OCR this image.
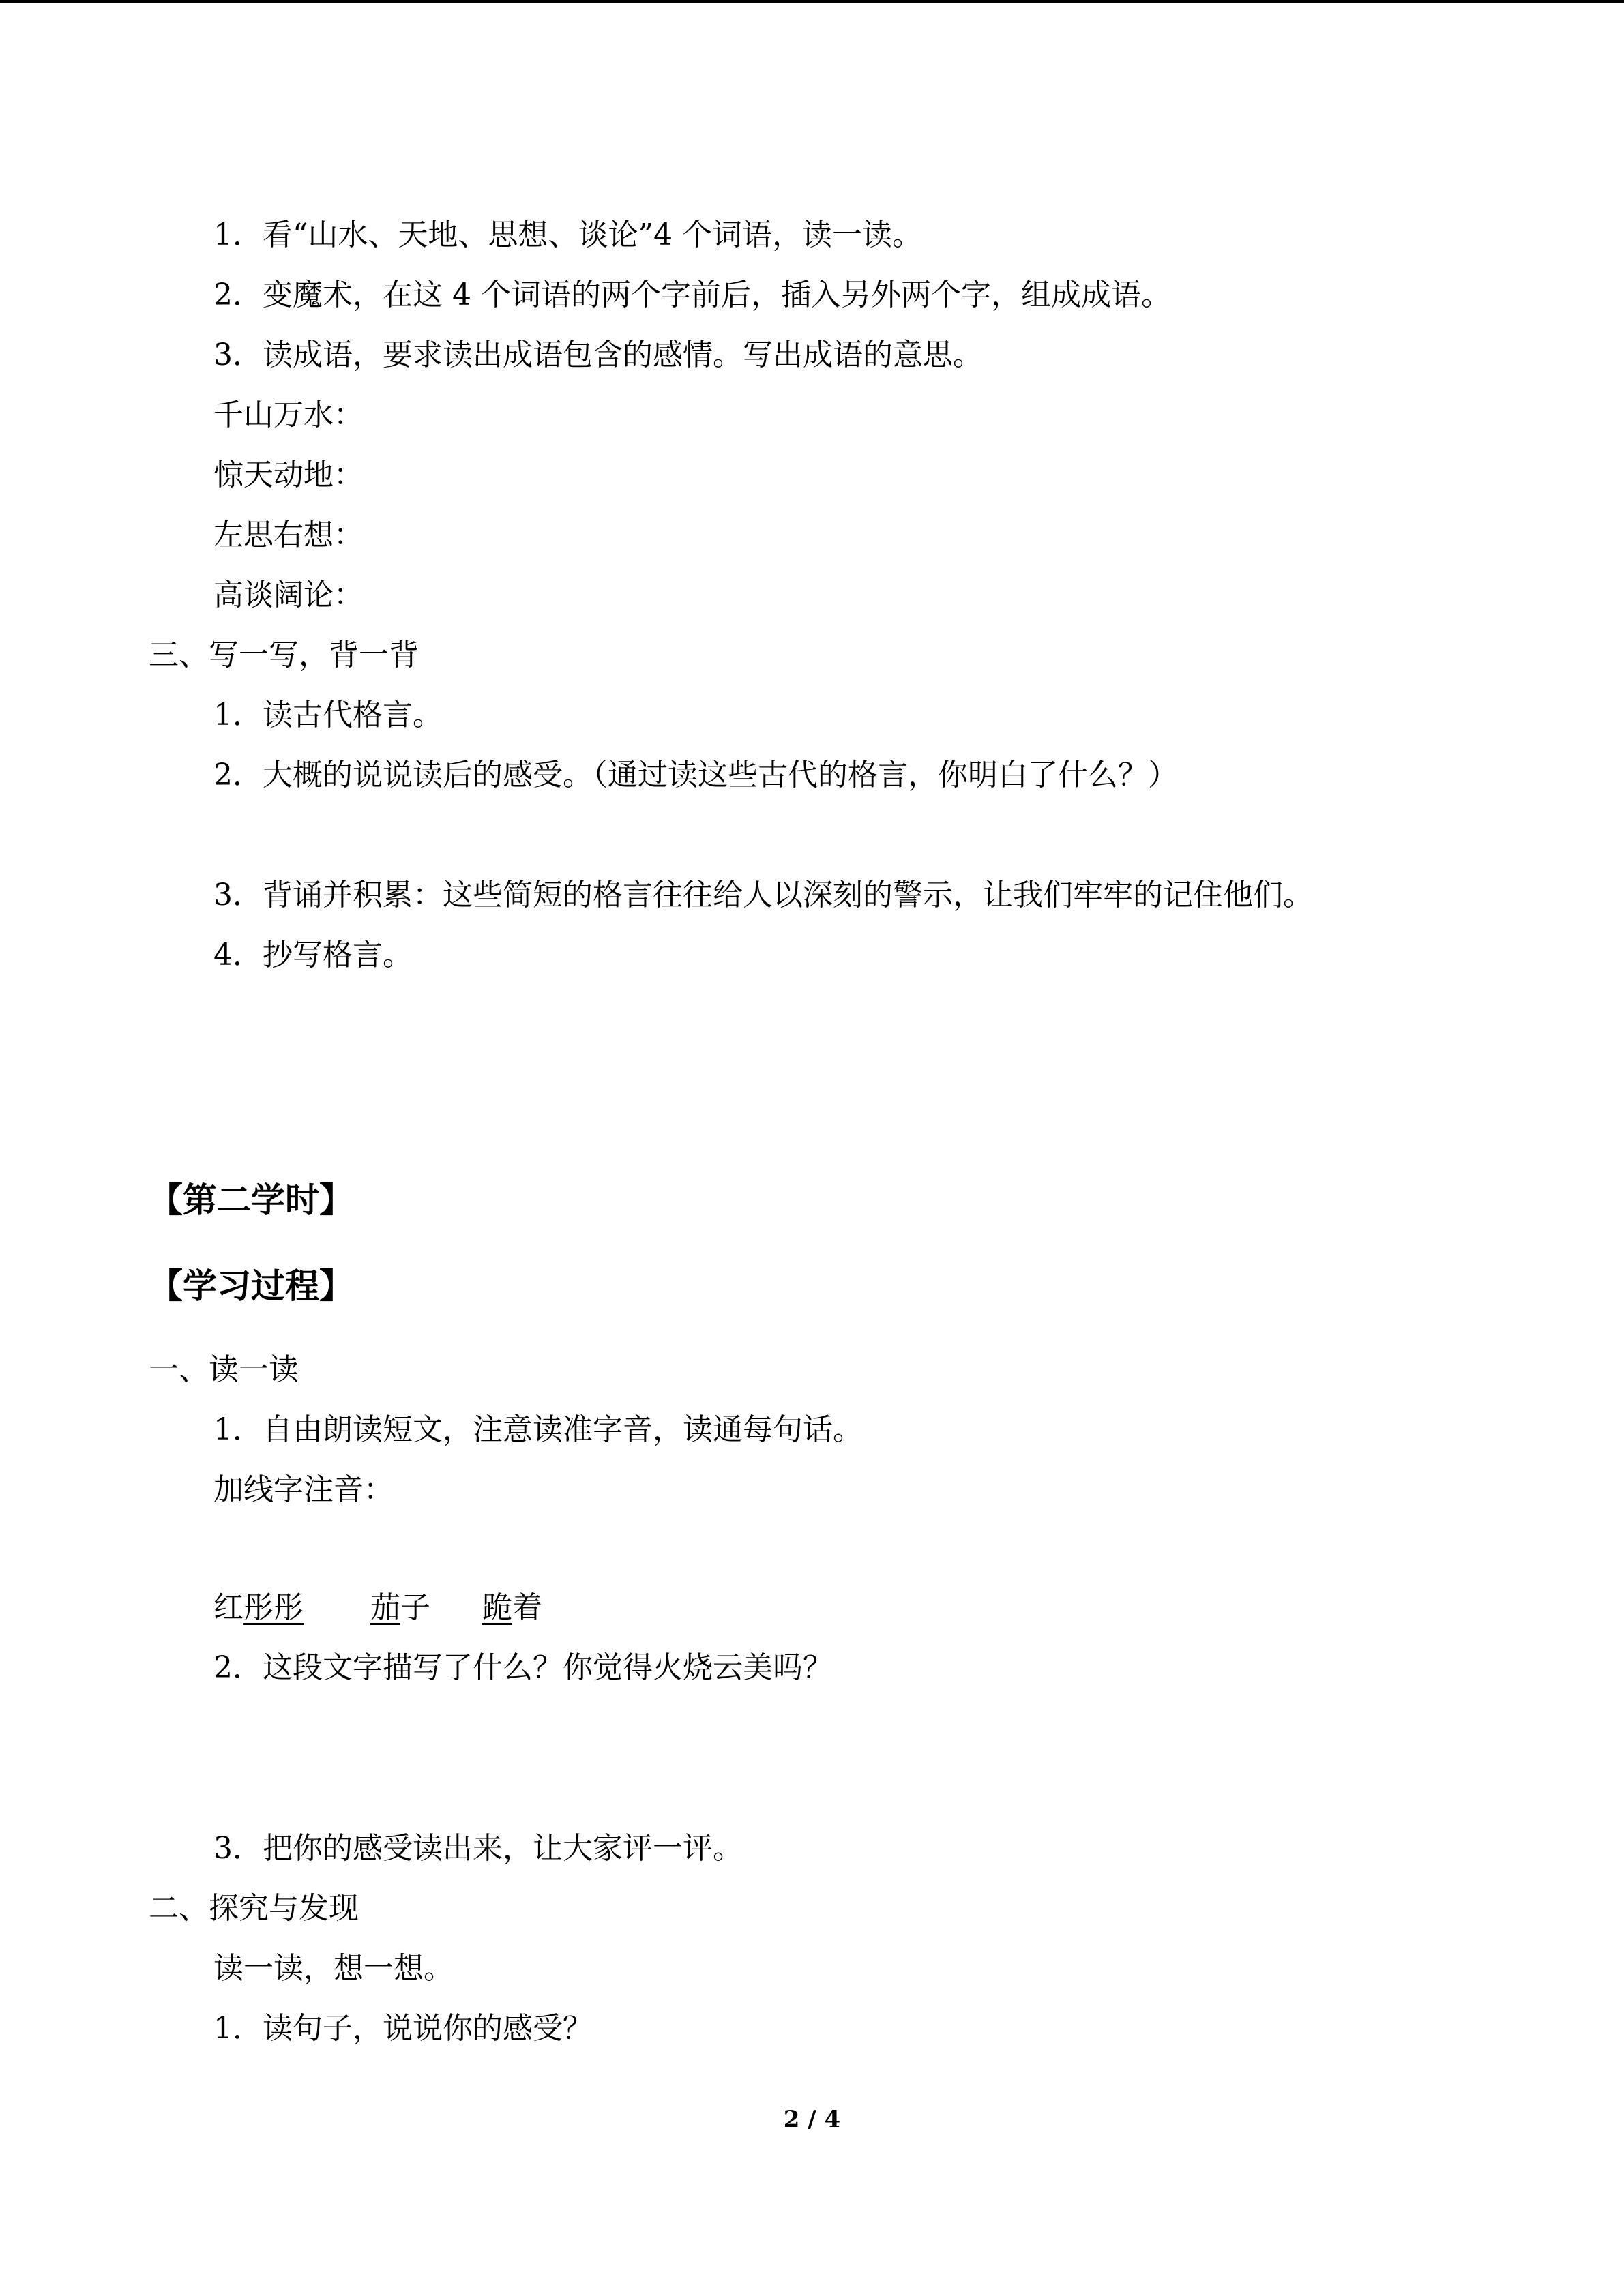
1．看“山水、天地、思想、谈论”4 个词语，读一读。
2．变魔术，在这 4 个词语的两个字前后，插入另外两个字，组成成语。
3．读成语，要求读出成语包含的感情。写出成语的意思。
千山万水：
惊天动地：
左思右想：
高谈阔论：
三、写一写，背一背
1．读古代格言。
2．大概的说说读后的感受。（通过读这些古代的格言，你明白了什么？）
3．背诵并积累：这些简短的格言往往给人以深刻的警示，让我们牢牢的记住他们。
4．抄写格言。
【第二学时】
【学习过程】
一、读一读
1．自由朗读短文，注意读准字音，读通每句话。
加线字注音：
红彤彤 茄子 跪着
2．这段文字描写了什么？你觉得火烧云美吗？
3．把你的感受读出来，让大家评一评。
二、探究与发现
读一读，想一想。
1．读句子，说说你的感受？
2 / 4
